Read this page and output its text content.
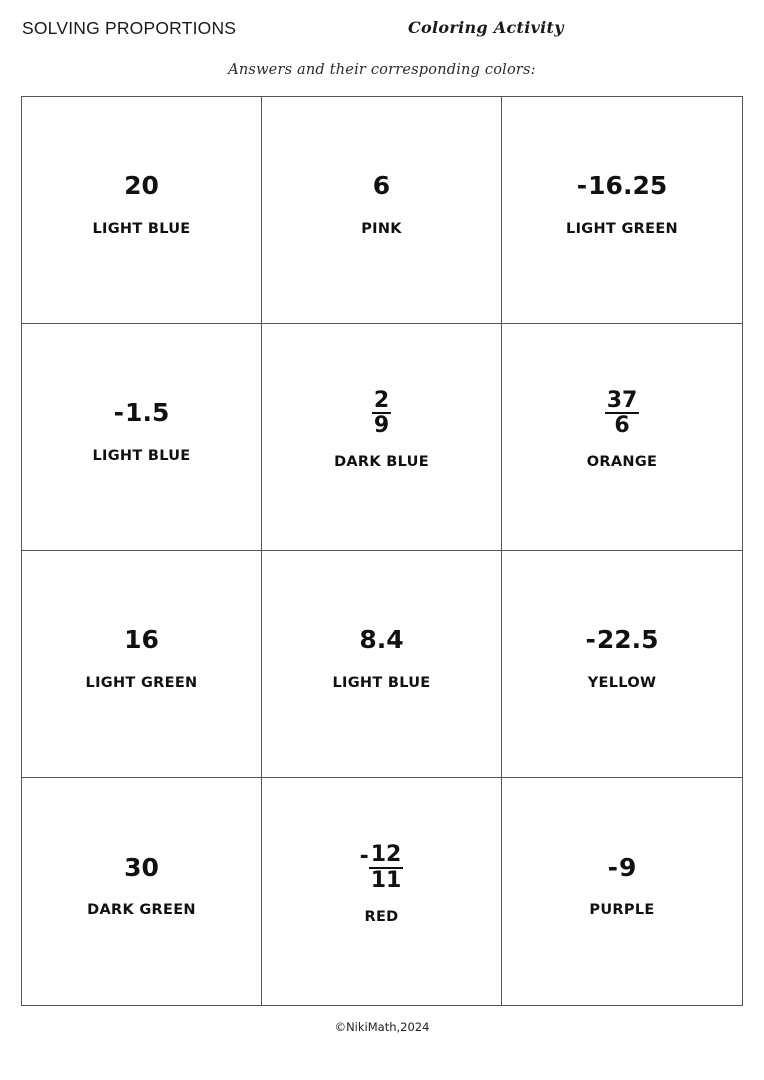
SOLVING PROPORTIONS	Coloring Activity
Answers and their corresponding colors:
20
LIGHT BLUE
6
PINK
- 16.25
LIGHT GREEN
- 1.5
LIGHT BLUE
$\frac{2}{9}$
DARK BLUE
$\frac{37}{6}$
ORANGE
16
LIGHT GREEN
8.4
LIGHT BLUE
- 22.5
YELLOW
30
DARK GREEN
- $\frac{12}{11}$
RED
- 9
PURPLE
©NikiMath,2024
